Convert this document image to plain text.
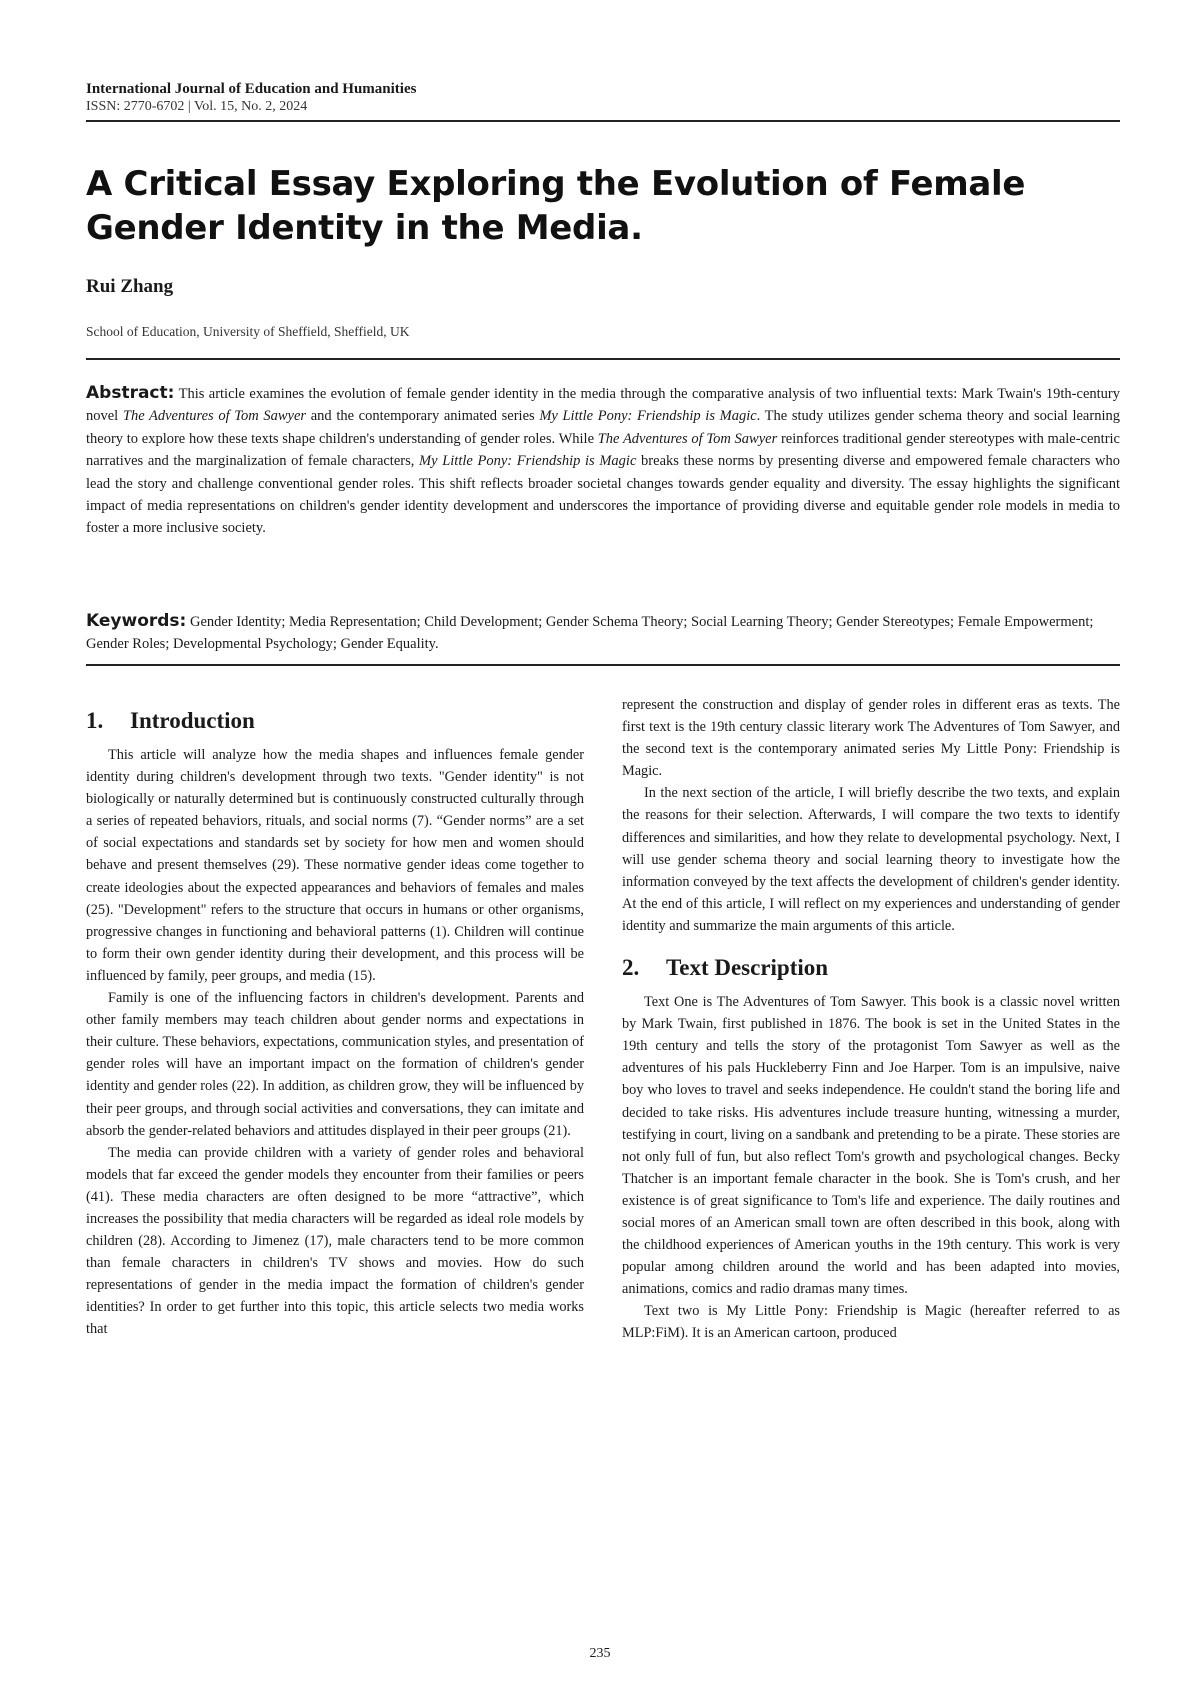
International Journal of Education and Humanities
ISSN: 2770-6702 | Vol. 15, No. 2, 2024
A Critical Essay Exploring the Evolution of Female Gender Identity in the Media.
Rui Zhang
School of Education, University of Sheffield, Sheffield, UK

Abstract: This article examines the evolution of female gender identity in the media through the comparative analysis of two influential texts: Mark Twain's 19th-century novel The Adventures of Tom Sawyer and the contemporary animated series My Little Pony: Friendship is Magic. The study utilizes gender schema theory and social learning theory to explore how these texts shape children's understanding of gender roles. While The Adventures of Tom Sawyer reinforces traditional gender stereotypes with male-centric narratives and the marginalization of female characters, My Little Pony: Friendship is Magic breaks these norms by presenting diverse and empowered female characters who lead the story and challenge conventional gender roles. This shift reflects broader societal changes towards gender equality and diversity. The essay highlights the significant impact of media representations on children's gender identity development and underscores the importance of providing diverse and equitable gender role models in media to foster a more inclusive society.

Keywords: Gender Identity; Media Representation; Child Development; Gender Schema Theory; Social Learning Theory; Gender Stereotypes; Female Empowerment; Gender Roles; Developmental Psychology; Gender Equality.

1. Introduction

This article will analyze how the media shapes and influences female gender identity during children's development through two texts. "Gender identity" is not biologically or naturally determined but is continuously constructed culturally through a series of repeated behaviors, rituals, and social norms (7). “Gender norms” are a set of social expectations and standards set by society for how men and women should behave and present themselves (29). These normative gender ideas come together to create ideologies about the expected appearances and behaviors of females and males (25). "Development" refers to the structure that occurs in humans or other organisms, progressive changes in functioning and behavioral patterns (1). Children will continue to form their own gender identity during their development, and this process will be influenced by family, peer groups, and media (15).

Family is one of the influencing factors in children's development. Parents and other family members may teach children about gender norms and expectations in their culture. These behaviors, expectations, communication styles, and presentation of gender roles will have an important impact on the formation of children's gender identity and gender roles (22). In addition, as children grow, they will be influenced by their peer groups, and through social activities and conversations, they can imitate and absorb the gender-related behaviors and attitudes displayed in their peer groups (21).

The media can provide children with a variety of gender roles and behavioral models that far exceed the gender models they encounter from their families or peers (41). These media characters are often designed to be more “attractive”, which increases the possibility that media characters will be regarded as ideal role models by children (28). According to Jimenez (17), male characters tend to be more common than female characters in children's TV shows and movies. How do such representations of gender in the media impact the formation of children's gender identities? In order to get further into this topic, this article selects two media works that

represent the construction and display of gender roles in different eras as texts. The first text is the 19th century classic literary work The Adventures of Tom Sawyer, and the second text is the contemporary animated series My Little Pony: Friendship is Magic.

In the next section of the article, I will briefly describe the two texts, and explain the reasons for their selection. Afterwards, I will compare the two texts to identify differences and similarities, and how they relate to developmental psychology. Next, I will use gender schema theory and social learning theory to investigate how the information conveyed by the text affects the development of children's gender identity. At the end of this article, I will reflect on my experiences and understanding of gender identity and summarize the main arguments of this article.

2. Text Description

Text One is The Adventures of Tom Sawyer. This book is a classic novel written by Mark Twain, first published in 1876. The book is set in the United States in the 19th century and tells the story of the protagonist Tom Sawyer as well as the adventures of his pals Huckleberry Finn and Joe Harper. Tom is an impulsive, naive boy who loves to travel and seeks independence. He couldn't stand the boring life and decided to take risks. His adventures include treasure hunting, witnessing a murder, testifying in court, living on a sandbank and pretending to be a pirate. These stories are not only full of fun, but also reflect Tom's growth and psychological changes. Becky Thatcher is an important female character in the book. She is Tom's crush, and her existence is of great significance to Tom's life and experience. The daily routines and social mores of an American small town are often described in this book, along with the childhood experiences of American youths in the 19th century. This work is very popular among children around the world and has been adapted into movies, animations, comics and radio dramas many times.

Text two is My Little Pony: Friendship is Magic (hereafter referred to as MLP:FiM). It is an American cartoon, produced

235
